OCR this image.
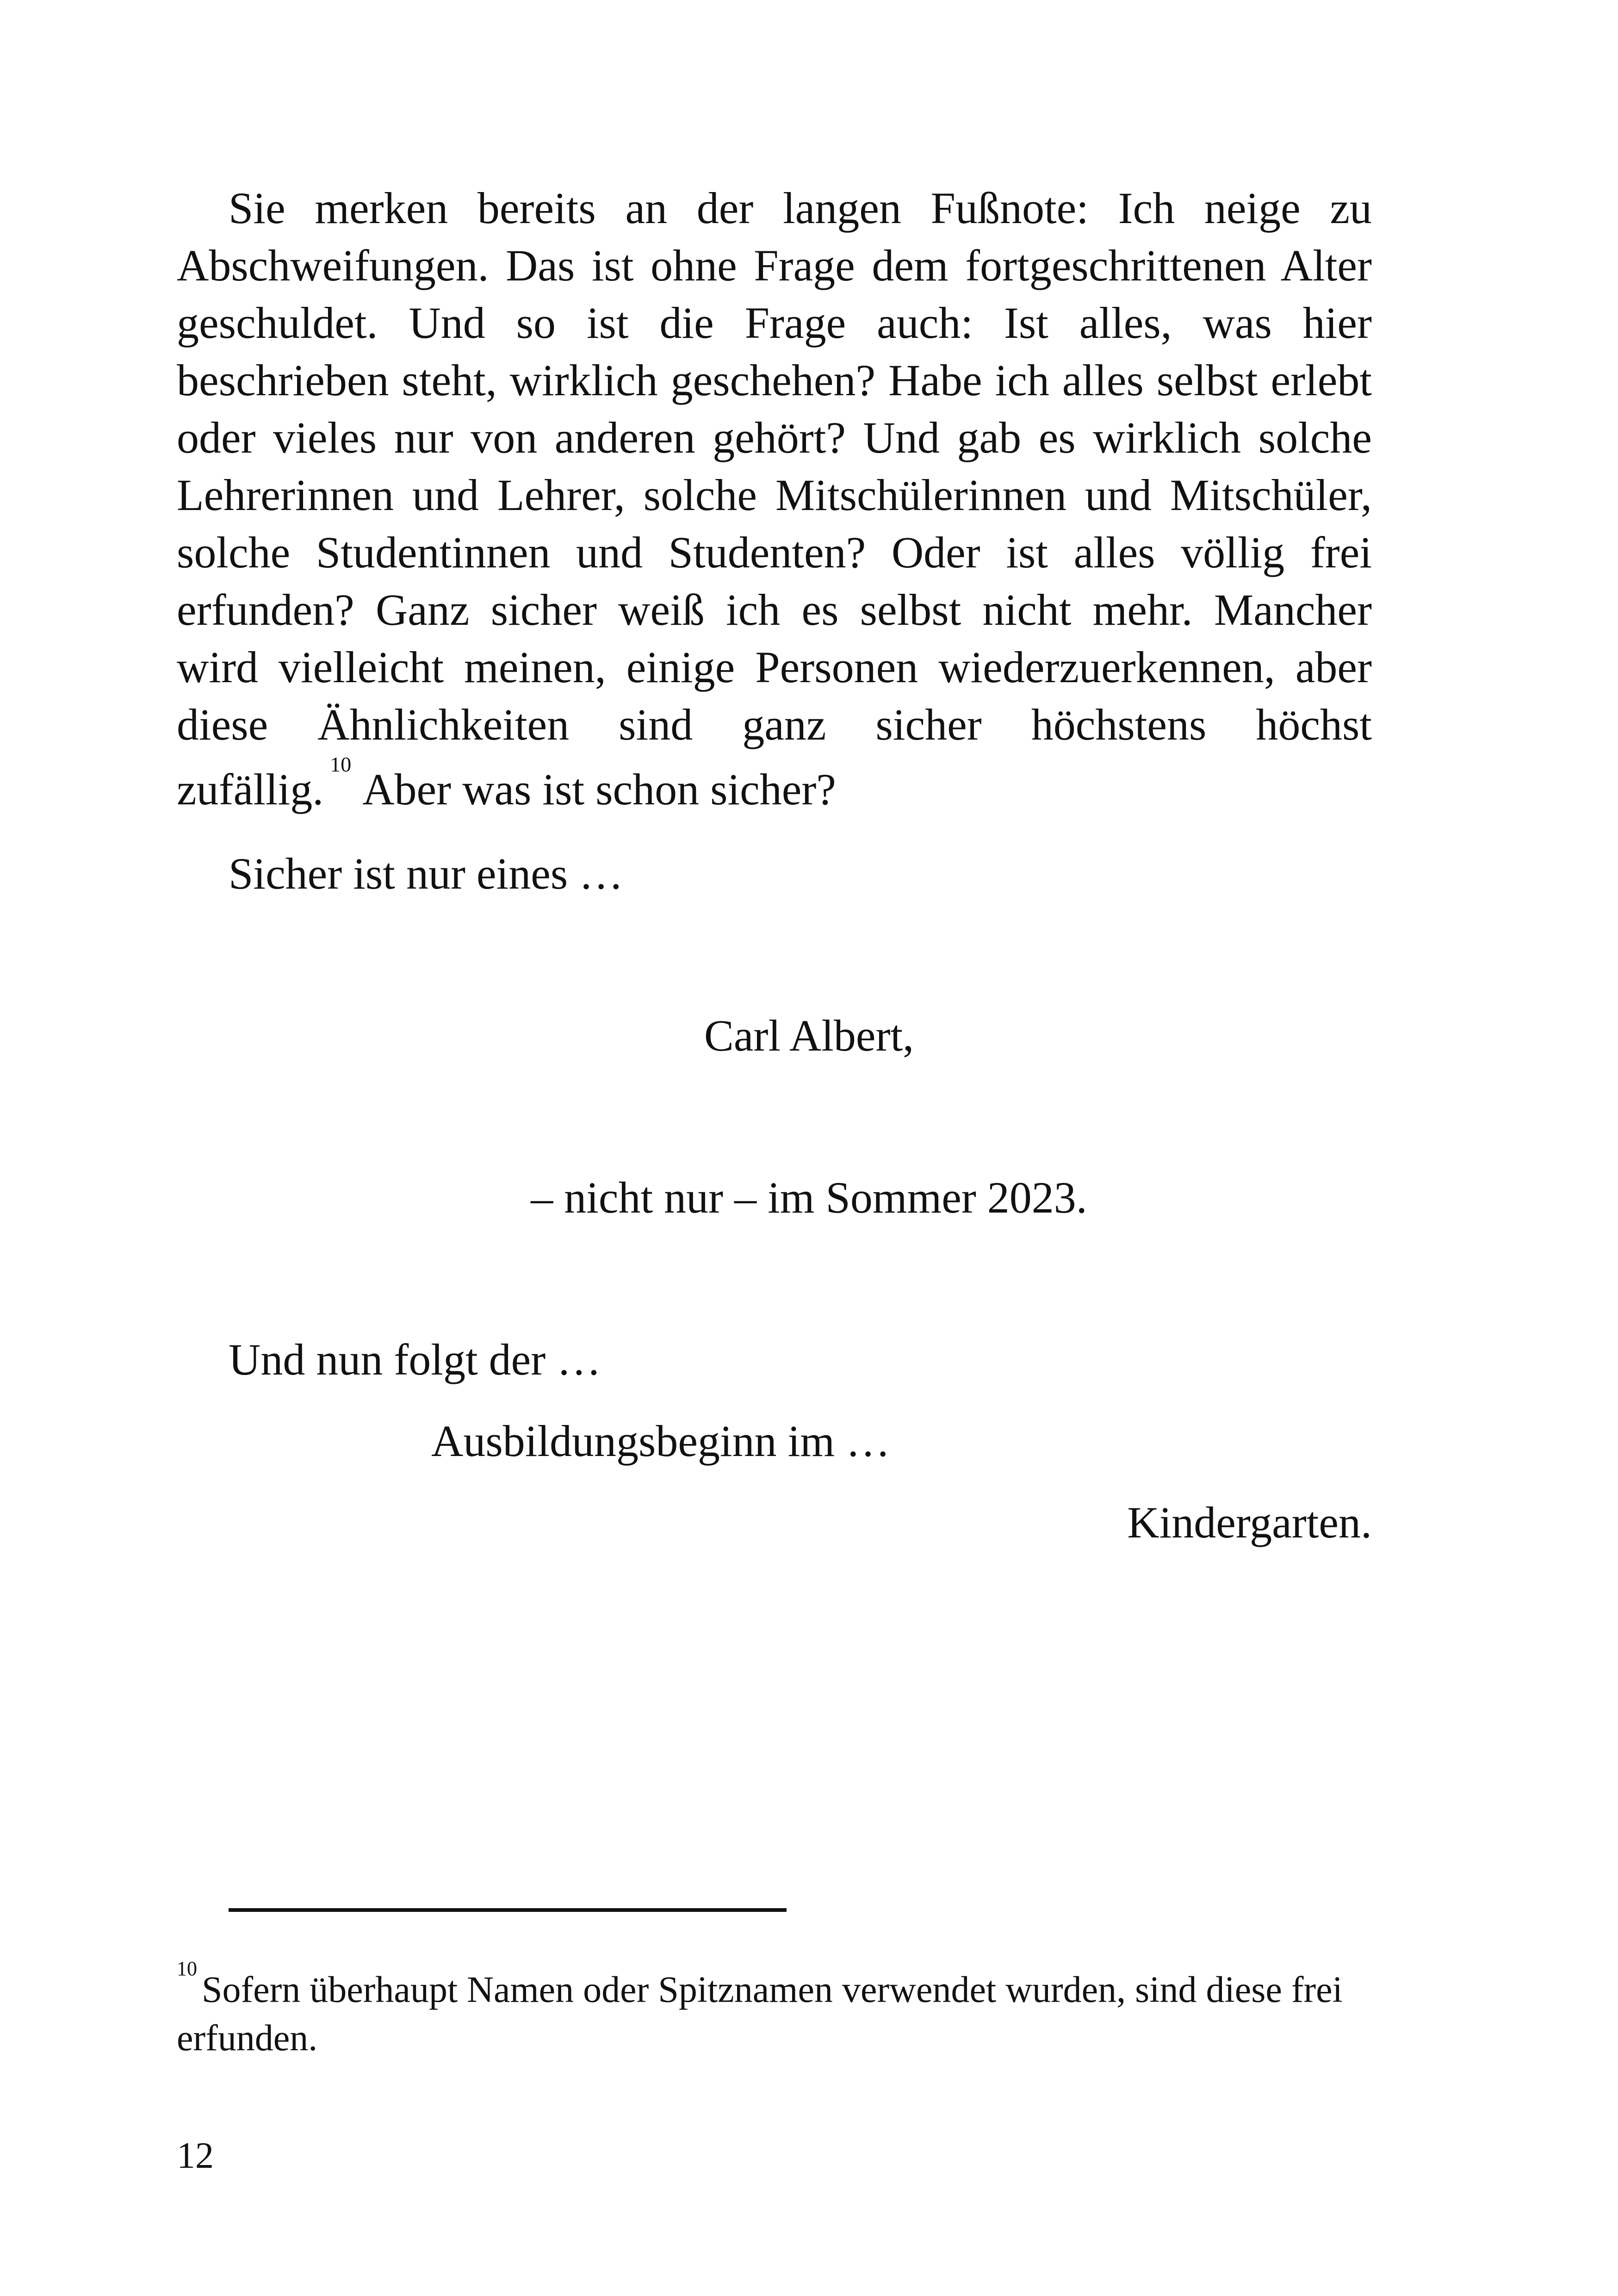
Sie merken bereits an der langen Fußnote: Ich neige zu Abschweifungen. Das ist ohne Frage dem fortgeschrittenen Alter geschuldet. Und so ist die Frage auch: Ist alles, was hier beschrieben steht, wirklich geschehen? Habe ich alles selbst erlebt oder vieles nur von anderen gehört? Und gab es wirklich solche Lehrerinnen und Lehrer, solche Mitschülerinnen und Mitschüler, solche Studentinnen und Studenten? Oder ist alles völlig frei erfunden? Ganz sicher weiß ich es selbst nicht mehr. Mancher wird vielleicht meinen, einige Personen wiederzuerkennen, aber diese Ähnlichkeiten sind ganz sicher höchstens höchst zufällig.$^{10}$Aber was ist schon sicher?

Sicher ist nur eines …

Carl Albert,

– nicht nur – im Sommer 2023.

Und nun folgt der …

Ausbildungsbeginn im …

Kindergarten.

$^{10}$Sofern überhaupt Namen oder Spitznamen verwendet wurden, sind diese frei erfunden.

12
